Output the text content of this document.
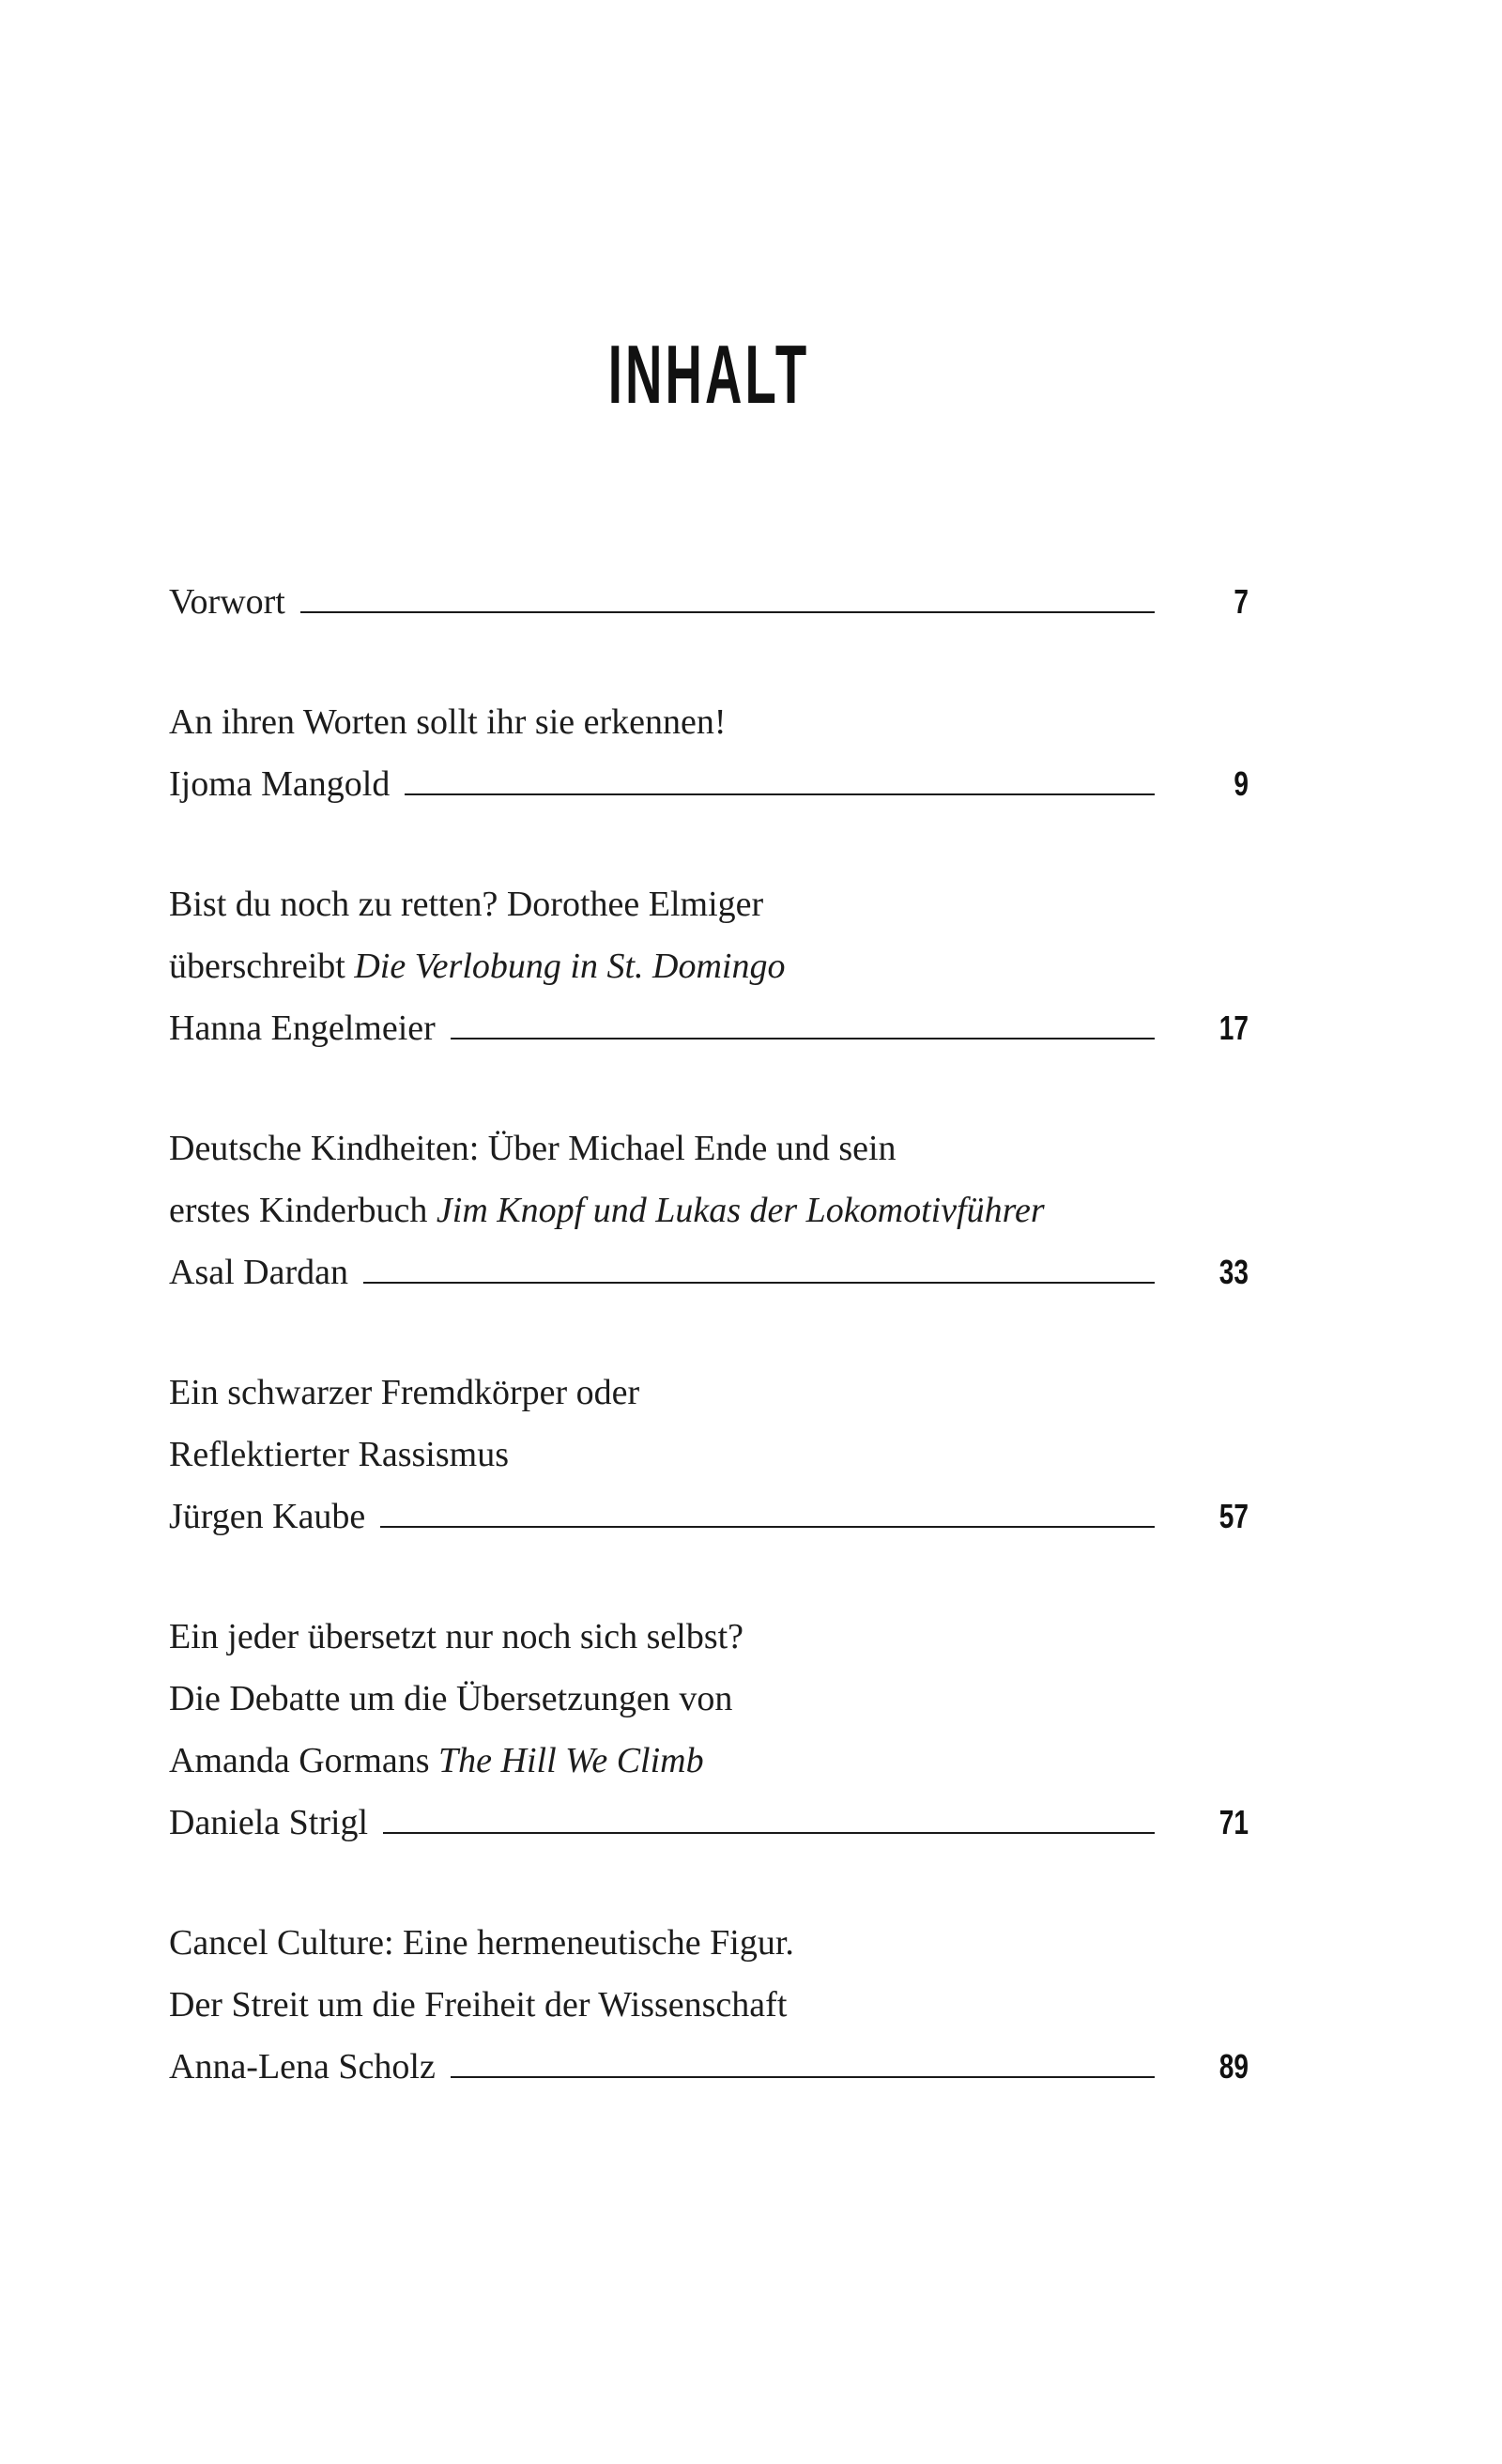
INHALT
Vorwort	7
An ihren Worten sollt ihr sie erkennen!
Ijoma Mangold	9
Bist du noch zu retten? Dorothee Elmiger
überschreibt Die Verlobung in St. Domingo
Hanna Engelmeier	17
Deutsche Kindheiten: Über Michael Ende und sein
erstes Kinderbuch Jim Knopf und Lukas der Lokomotivführer
Asal Dardan	33
Ein schwarzer Fremdkörper oder
Reflektierter Rassismus
Jürgen Kaube	57
Ein jeder übersetzt nur noch sich selbst?
Die Debatte um die Übersetzungen von
Amanda Gormans The Hill We Climb
Daniela Strigl	71
Cancel Culture: Eine hermeneutische Figur.
Der Streit um die Freiheit der Wissenschaft
Anna-Lena Scholz	89
